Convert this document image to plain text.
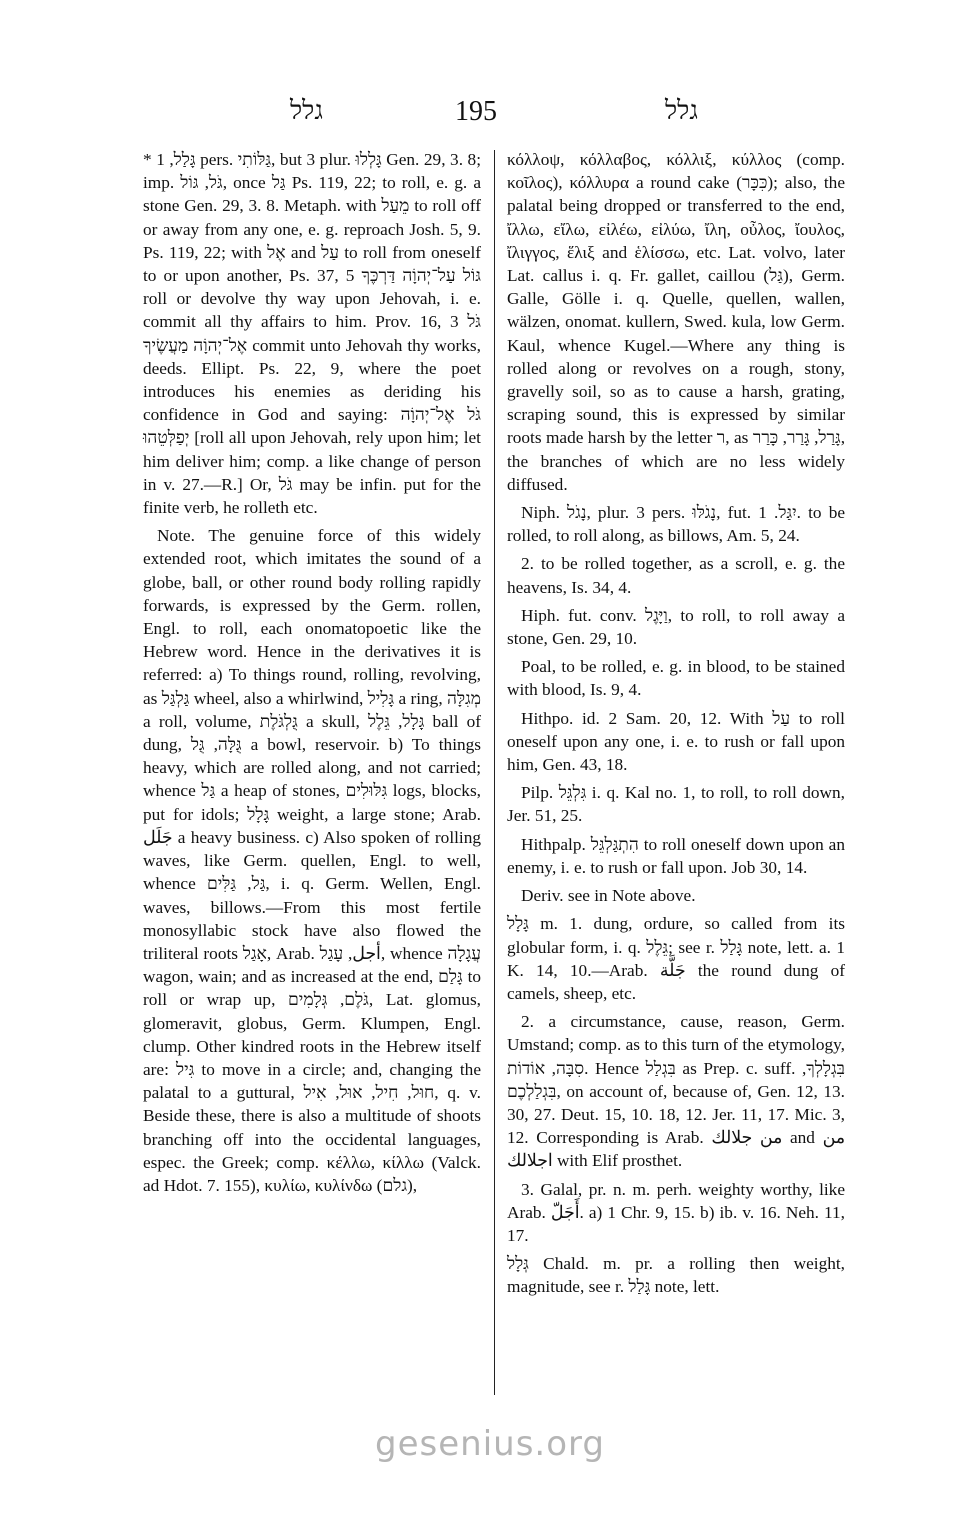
גלל	195	גלל

* גָּלַל, 1 pers. גַּלּוֹתִי, but 3 plur. גָּלְלוּ Gen. 29, 3. 8; imp. גֹּל, גּוֹל, once גַּל Ps. 119, 22; to roll, e. g. a stone Gen. 29, 3. 8. Metaph. with מֵעַל to roll off or away from any one, e. g. reproach Josh. 5, 9. Ps. 119, 22; with אֶל and עַל to roll from oneself to or upon another, Ps. 37, 5 גּוֹל עַל־יְהוָֹה דַּרְכֶּךָ roll or devolve thy way upon Jehovah, i. e. commit all thy affairs to him. Prov. 16, 3 גֹּל אֶל־יְהוָֹה מַעֲשֶׂיךָ commit unto Jehovah thy works, deeds. Ellipt. Ps. 22, 9, where the poet introduces his enemies as deriding his confidence in God and saying: גֹּל אֶל־יְהוָֹה יְפַלְּטֵהוּ [roll all upon Jehovah, rely upon him; let him deliver him; comp. a like change of person in v. 27.—R.] Or, גֹּל may be infin. put for the finite verb, he rolleth etc.

Note. The genuine force of this widely extended root, which imitates the sound of a globe, ball, or other round body rolling rapidly forwards, is expressed by the Germ. rollen, Engl. to roll, each onomatopoetic like the Hebrew word. Hence in the derivatives it is referred: a) To things round, rolling, revolving, as גַּלְגַּל wheel, also a whirlwind, גָּלִיל a ring, מְגִלָּה a roll, volume, גֻּלְגֹּלֶת a skull, גָּלָל, גֵּלֶל ball of dung, גֻּלָּה, גֻּל a bowl, reservoir. b) To things heavy, which are rolled along, and not carried; whence גַּל a heap of stones, גִּלּוּלִים logs, blocks, put for idols; גָּלָל weight, a large stone; Arab. جَلَل a heavy business. c) Also spoken of rolling waves, like Germ. quellen, Engl. to well, whence גַּל, גַּלִּים, i. q. Germ. Wellen, Engl. waves, billows.—From this most fertile monosyllabic stock have also flowed the triliteral roots אָגַל, Arab. أجل, עָגַל, whence עֲגָלָה wagon, wain; and as increased at the end, גָּלַם to roll or wrap up, גֹּלֶם, גְּלָמִים, Lat. glomus, glomeravit, globus, Germ. Klumpen, Engl. clump. Other kindred roots in the Hebrew itself are: גִּיל to move in a circle; and, changing the palatal to a guttural, חוּל, חִיל, אוּל, אִיל, q. v. Beside these, there is also a multitude of shoots branching off into the occidental languages, espec. the Greek; comp. κέλλω, κίλλω (Valck. ad Hdot. 7. 155), κυλίω, κυλίνδω (גלם),

κόλλοψ, κόλλαβος, κόλλιξ, κύλλος (comp. κοῖλος), κόλλυρα a round cake (כִּכָּר); also, the palatal being dropped or transferred to the end, ἴλλω, εἴλω, εἰλέω, εἰλύω, ἴλη, οὖλος, ἴουλος, ἴλιγγος, ἕλιξ and ἑλίσσω, etc. Lat. volvo, later Lat. callus i. q. Fr. gallet, caillou (גַּל), Germ. Galle, Gölle i. q. Quelle, quellen, wallen, wälzen, onomat. kullern, Swed. kula, low Germ. Kaul, whence Kugel.—Where any thing is rolled along or revolves on a rough, stony, gravelly soil, so as to cause a harsh, grating, scraping sound, this is expressed by similar roots made harsh by the letter ר, as גָּרַל, גָּרַר, כָּרַר, the branches of which are no less widely diffused.

Niph. נָגֹל, plur. 3 pers. נָגֹלּוּ, fut. יִגַּל. 1. to be rolled, to roll along, as billows, Am. 5, 24.

2. to be rolled together, as a scroll, e. g. the heavens, Is. 34, 4.

Hiph. fut. conv. וַיָּגֶל, to roll, to roll away a stone, Gen. 29, 10.

Poal, to be rolled, e. g. in blood, to be stained with blood, Is. 9, 4.

Hithpo. id. 2 Sam. 20, 12. With עַל to roll oneself upon any one, i. e. to rush or fall upon him, Gen. 43, 18.

Pilp. גִּלְגֵּל i. q. Kal no. 1, to roll, to roll down, Jer. 51, 25.

Hithpalp. הִתְגַּלְגֵּל to roll oneself down upon an enemy, i. e. to rush or fall upon. Job 30, 14.

Deriv. see in Note above.

גָּלָל m. 1. dung, ordure, so called from its globular form, i. q. גֵּלֶל; see r. גָּלַל note, lett. a. 1 K. 14, 10.—Arab. جَلَّة the round dung of camels, sheep, etc.

2. a circumstance, cause, reason, Germ. Umstand; comp. as to this turn of the etymology, סִבָּה, אוֹדוֹת. Hence בִּגְלַל as Prep. c. suff. בִּגְלָלְךָ, בִּגְלַלְכֶם, on account of, because of, Gen. 12, 13. 30, 27. Deut. 15, 10. 18, 12. Jer. 11, 17. Mic. 3, 12. Corresponding is Arab. من جلالك and من اجلالك with Elif prosthet.

3. Galal, pr. n. m. perh. weighty worthy, like Arab. أَجَلّ. a) 1 Chr. 9, 15. b) ib. v. 16. Neh. 11, 17.

גְּלָל Chald. m. pr. a rolling then weight, magnitude, see r. גָּלַל note, lett.

gesenius.org
